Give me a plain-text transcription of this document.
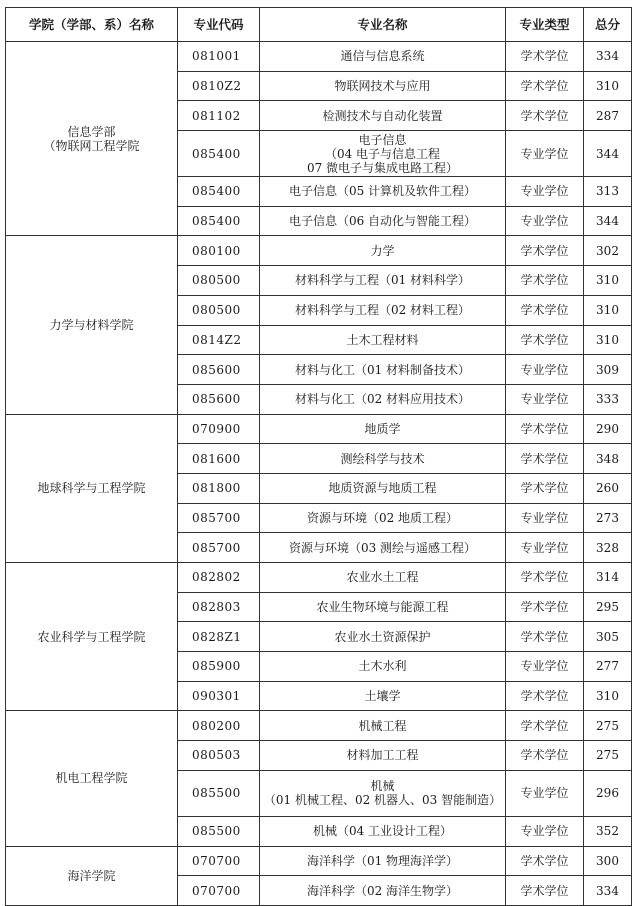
学院（学部、系）名称	专业代码	专业名称	专业类型	总分

信息学部
（物联网工程学院	081001	通信与信息系统	学术学位	334
	0810Z2	物联网技术与应用	学术学位	310
	081102	检测技术与自动化装置	学术学位	287
	085400	电子信息
（04 电子与信息工程
07 微电子与集成电路工程）	专业学位	344
	085400	电子信息（05 计算机及软件工程）	专业学位	313
	085400	电子信息（06 自动化与智能工程）	专业学位	344

力学与材料学院	080100	力学	学术学位	302
	080500	材料科学与工程（01 材料科学）	学术学位	310
	080500	材料科学与工程（02 材料工程）	学术学位	310
	0814Z2	土木工程材料	学术学位	310
	085600	材料与化工（01 材料制备技术）	专业学位	309
	085600	材料与化工（02 材料应用技术）	专业学位	333

地球科学与工程学院	070900	地质学	学术学位	290
	081600	测绘科学与技术	学术学位	348
	081800	地质资源与地质工程	学术学位	260
	085700	资源与环境（02 地质工程）	专业学位	273
	085700	资源与环境（03 测绘与遥感工程）	专业学位	328

农业科学与工程学院	082802	农业水土工程	学术学位	314
	082803	农业生物环境与能源工程	学术学位	295
	0828Z1	农业水土资源保护	学术学位	305
	085900	土木水利	专业学位	277
	090301	土壤学	学术学位	310

机电工程学院	080200	机械工程	学术学位	275
	080503	材料加工工程	学术学位	275
	085500	机械
（01 机械工程、02 机器人、03 智能制造）	专业学位	296
	085500	机械（04 工业设计工程）	专业学位	352

海洋学院	070700	海洋科学（01 物理海洋学）	学术学位	300
	070700	海洋科学（02 海洋生物学）	学术学位	334
